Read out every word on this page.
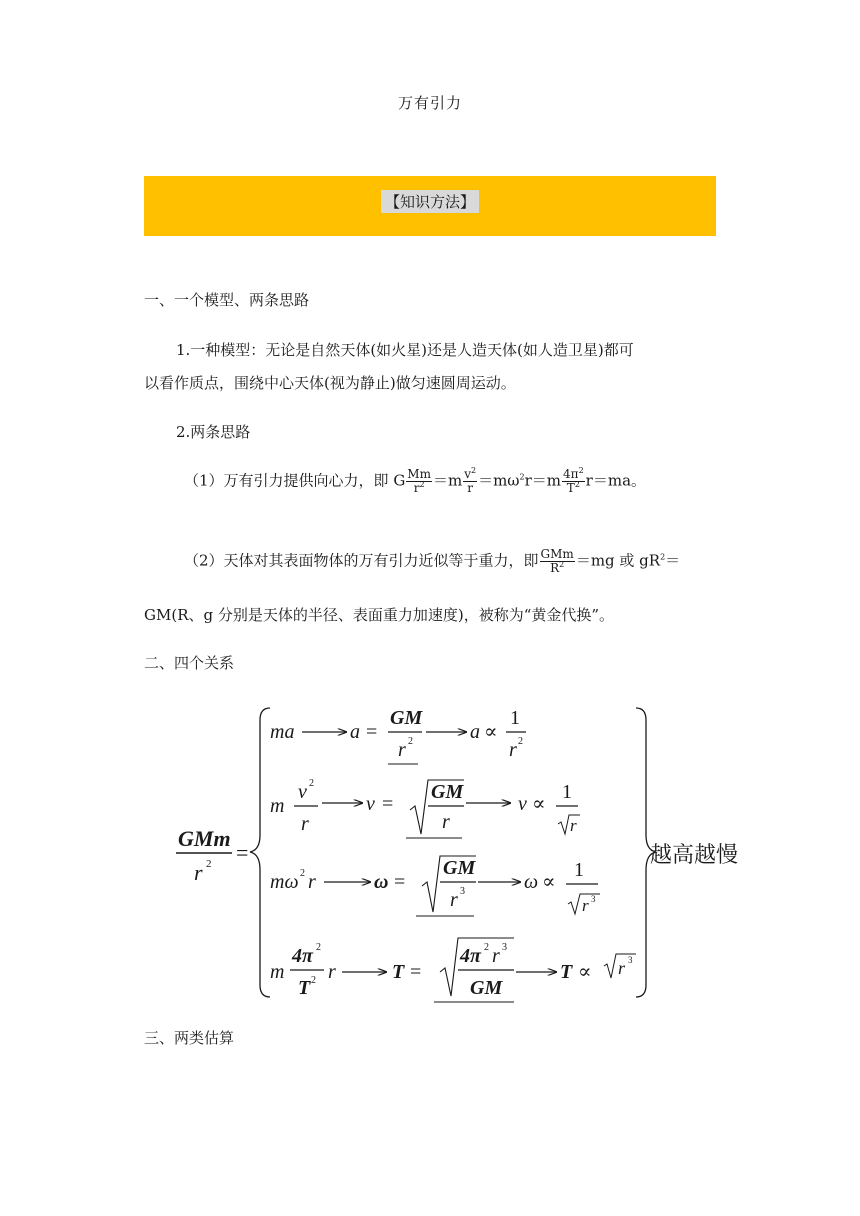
万有引力
【知识方法】
一、一个模型、两条思路
1.一种模型：无论是自然天体(如火星)还是人造天体(如人造卫星)都可
以看作质点，围绕中心天体(视为静止)做匀速圆周运动。
2.两条思路
（1）万有引力提供向心力，即 G $\frac{Mm}{r^2} =m \frac{v^2}{r} =m\omega^2r=m \frac{4\pi^2}{T^2} r=ma$。
（2）天体对其表面物体的万有引力近似等于重力，即 $\frac{\text{GMm}}{R^2} =mg$ 或 $gR^2=$
GM(R、g 分别是天体的半径、表面重力加速度)，被称为“黄金代换”。
二、四个关系
GMm
r 2 =
ma	a =
GM
r 2	a ∝
1
r 2
m
v 2
r
v =
GM
r
v ∝
1
r
mω 2 r	ω =
GM
r 3	ω ∝
1
r 3
m
4π 2
T 2 r	T =
4π 2 r 3
GM
T ∝ r 3
越高越慢
三、两类估算
